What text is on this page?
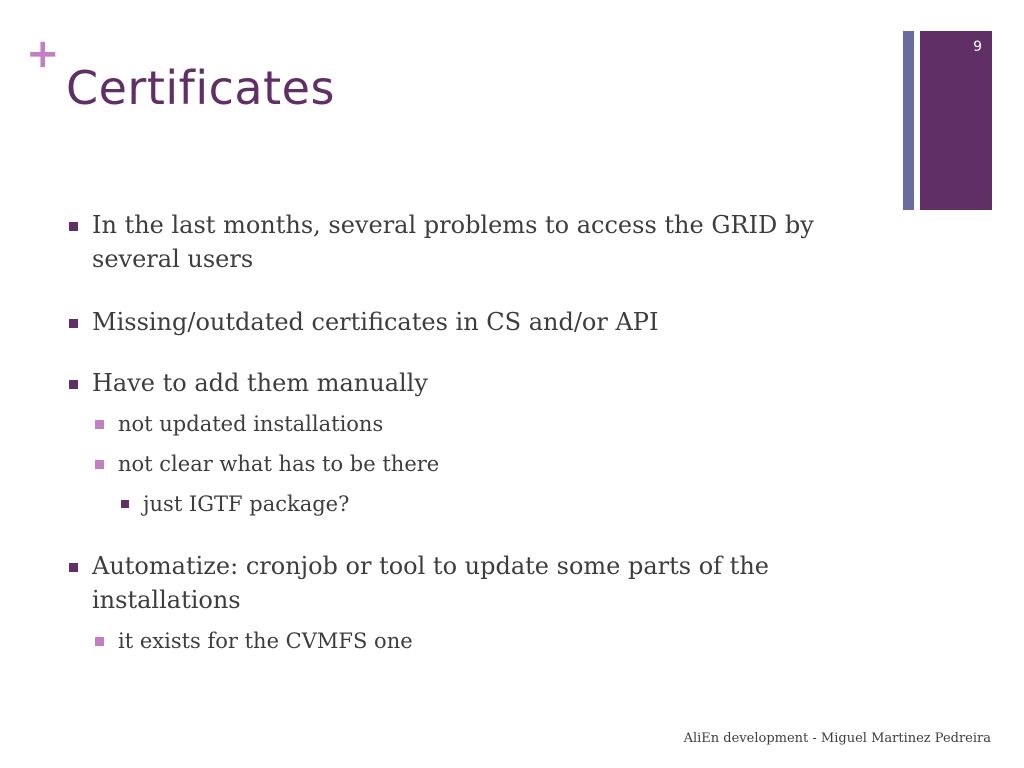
+
Certificates
9
In the last months, several problems to access the GRID by
several users
Missing/outdated certificates in CS and/or API
Have to add them manually
not updated installations
not clear what has to be there
just IGTF package?
Automatize: cronjob or tool to update some parts of the
installations
it exists for the CVMFS one
AliEn development - Miguel Martinez Pedreira
